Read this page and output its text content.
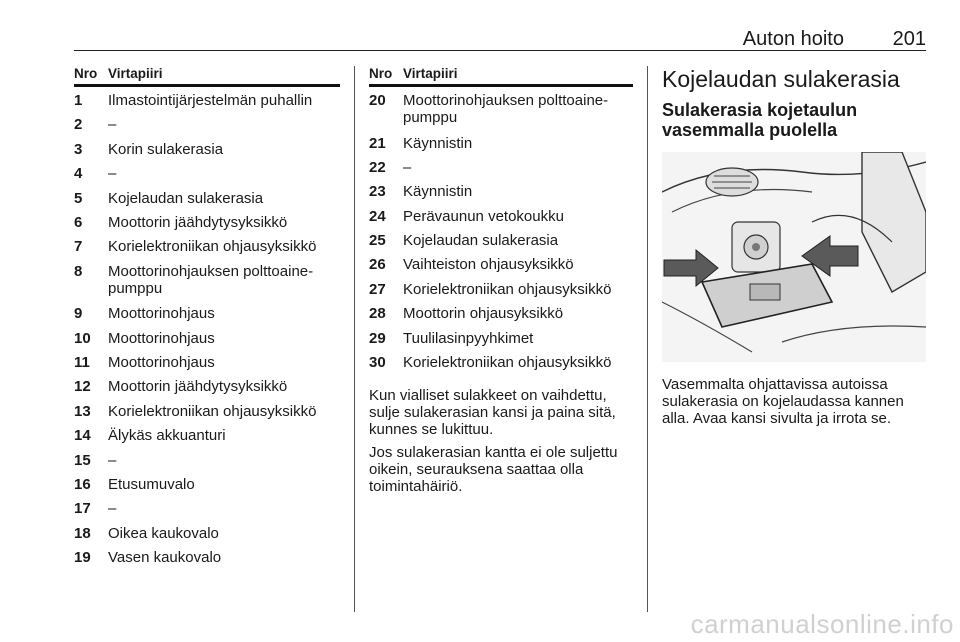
Auton hoito 201
Nro Virtapiiri
1	Ilmastointijärjestelmän puhallin
2	–
3	Korin sulakerasia
4	–
5	Kojelaudan sulakerasia
6	Moottorin jäähdytysyksikkö
7	Korielektroniikan ohjausyksikkö
8	Moottorinohjauksen polttoaine-pumppu
9	Moottorinohjaus
10	Moottorinohjaus
11	Moottorinohjaus
12	Moottorin jäähdytysyksikkö
13	Korielektroniikan ohjausyksikkö
14	Älykäs akkuanturi
15	–
16	Etusumuvalo
17	–
18	Oikea kaukovalo
19	Vasen kaukovalo
Nro Virtapiiri
20	Moottorinohjauksen polttoaine-pumppu
21	Käynnistin
22	–
23	Käynnistin
24	Perävaunun vetokoukku
25	Kojelaudan sulakerasia
26	Vaihteiston ohjausyksikkö
27	Korielektroniikan ohjausyksikkö
28	Moottorin ohjausyksikkö
29	Tuulilasinpyyhkimet
30	Korielektroniikan ohjausyksikkö
Kun vialliset sulakkeet on vaihdettu, sulje sulakerasian kansi ja paina sitä, kunnes se lukittuu.
Jos sulakerasian kantta ei ole suljettu oikein, seurauksena saattaa olla toimintahäiriö.
Kojelaudan sulakerasia
Sulakerasia kojetaulun vasemmalla puolella
Vasemmalta ohjattavissa autoissa sulakerasia on kojelaudassa kannen alla. Avaa kansi sivulta ja irrota se.
carmanualsonline.info
